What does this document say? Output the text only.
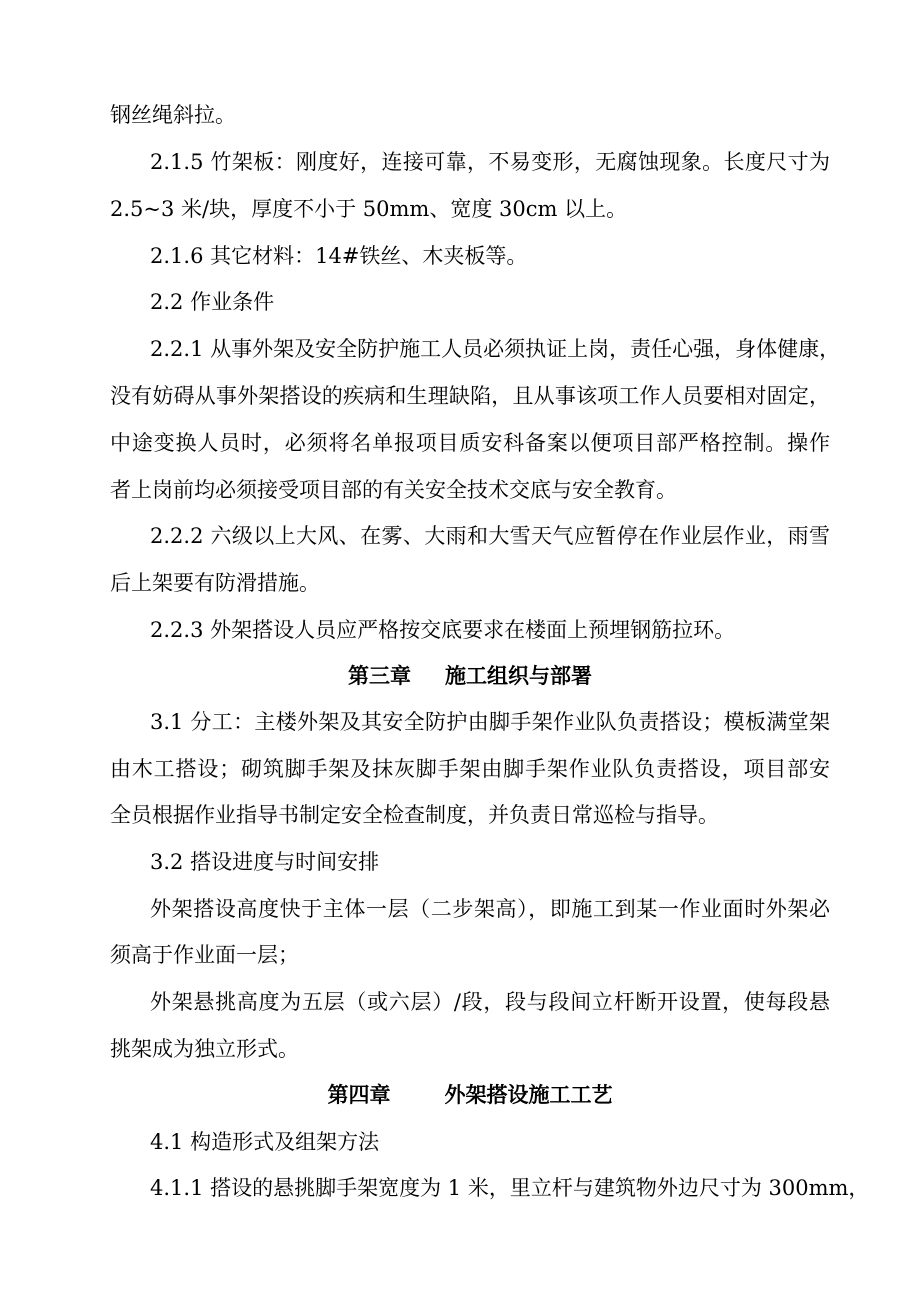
钢丝绳斜拉。
2.1.5 竹架板：刚度好，连接可靠，不易变形，无腐蚀现象。长度尺寸为
2.5~3 米/块，厚度不小于 50mm、宽度 30cm 以上。
2.1.6 其它材料：14#铁丝、木夹板等。
2.2 作业条件
2.2.1 从事外架及安全防护施工人员必须执证上岗，责任心强，身体健康，
没有妨碍从事外架搭设的疾病和生理缺陷，且从事该项工作人员要相对固定，
中途变换人员时，必须将名单报项目质安科备案以便项目部严格控制。操作
者上岗前均必须接受项目部的有关安全技术交底与安全教育。
2.2.2 六级以上大风、在雾、大雨和大雪天气应暂停在作业层作业，雨雪
后上架要有防滑措施。
2.2.3 外架搭设人员应严格按交底要求在楼面上预埋钢筋拉环。
第三章 施工组织与部署
3.1 分工：主楼外架及其安全防护由脚手架作业队负责搭设；模板满堂架
由木工搭设；砌筑脚手架及抹灰脚手架由脚手架作业队负责搭设，项目部安
全员根据作业指导书制定安全检查制度，并负责日常巡检与指导。
3.2 搭设进度与时间安排
外架搭设高度快于主体一层（二步架高），即施工到某一作业面时外架必
须高于作业面一层；
外架悬挑高度为五层（或六层）/段，段与段间立杆断开设置，使每段悬
挑架成为独立形式。
第四章	外架搭设施工工艺
4.1 构造形式及组架方法
4.1.1 搭设的悬挑脚手架宽度为 1 米，里立杆与建筑物外边尺寸为 300mm，
